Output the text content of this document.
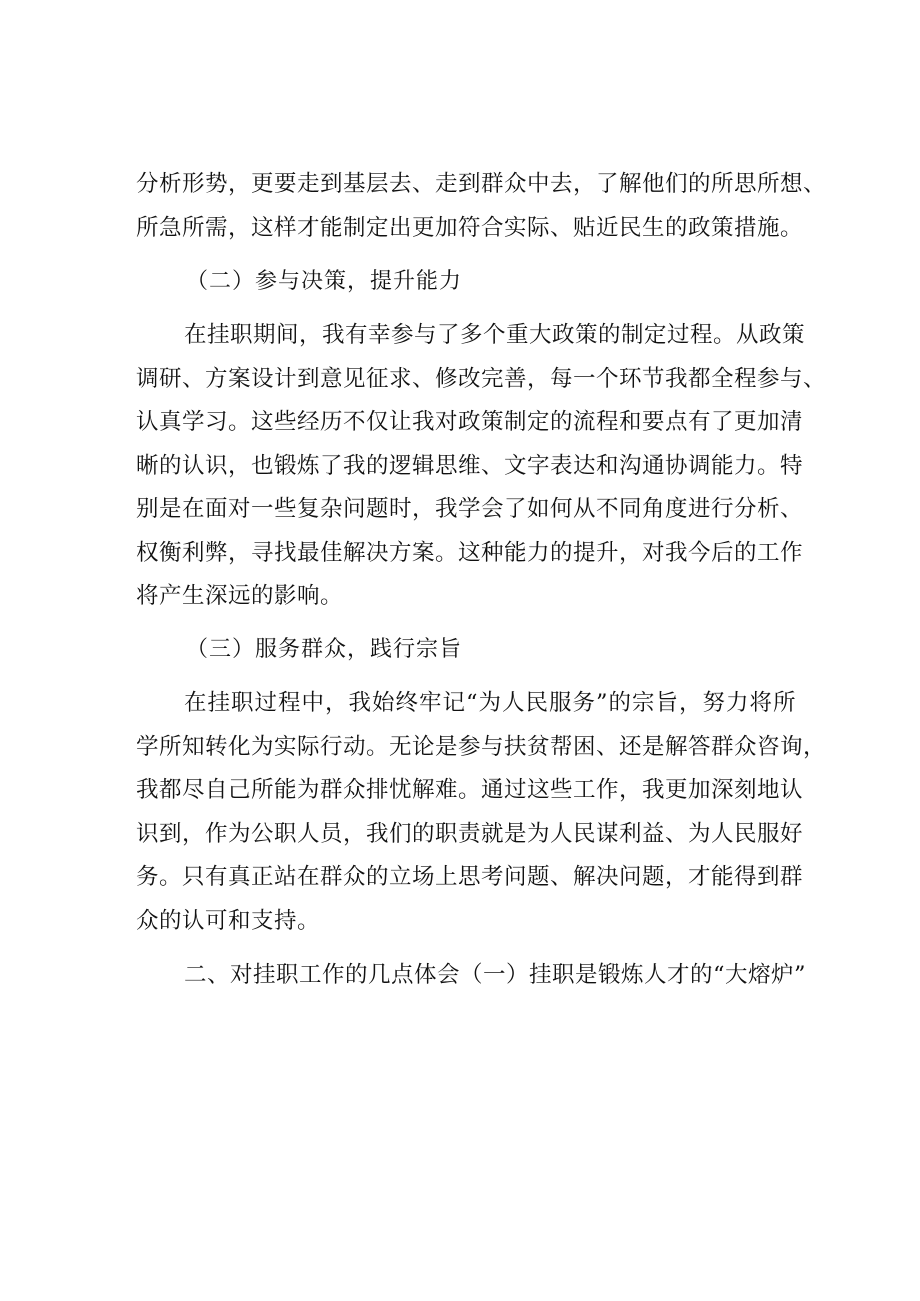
分析形势，更要走到基层去、走到群众中去，了解他们的所思所想、
所急所需，这样才能制定出更加符合实际、贴近民生的政策措施。
（二）参与决策，提升能力
在挂职期间，我有幸参与了多个重大政策的制定过程。从政策
调研、方案设计到意见征求、修改完善，每一个环节我都全程参与、
认真学习。这些经历不仅让我对政策制定的流程和要点有了更加清
晰的认识，也锻炼了我的逻辑思维、文字表达和沟通协调能力。特
别是在面对一些复杂问题时，我学会了如何从不同角度进行分析、
权衡利弊，寻找最佳解决方案。这种能力的提升，对我今后的工作
将产生深远的影响。
（三）服务群众，践行宗旨
在挂职过程中，我始终牢记“为人民服务”的宗旨，努力将所
学所知转化为实际行动。无论是参与扶贫帮困、还是解答群众咨询，
我都尽自己所能为群众排忧解难。通过这些工作，我更加深刻地认
识到，作为公职人员，我们的职责就是为人民谋利益、为人民服好
务。只有真正站在群众的立场上思考问题、解决问题，才能得到群
众的认可和支持。
二、对挂职工作的几点体会（一）挂职是锻炼人才的“大熔炉”
